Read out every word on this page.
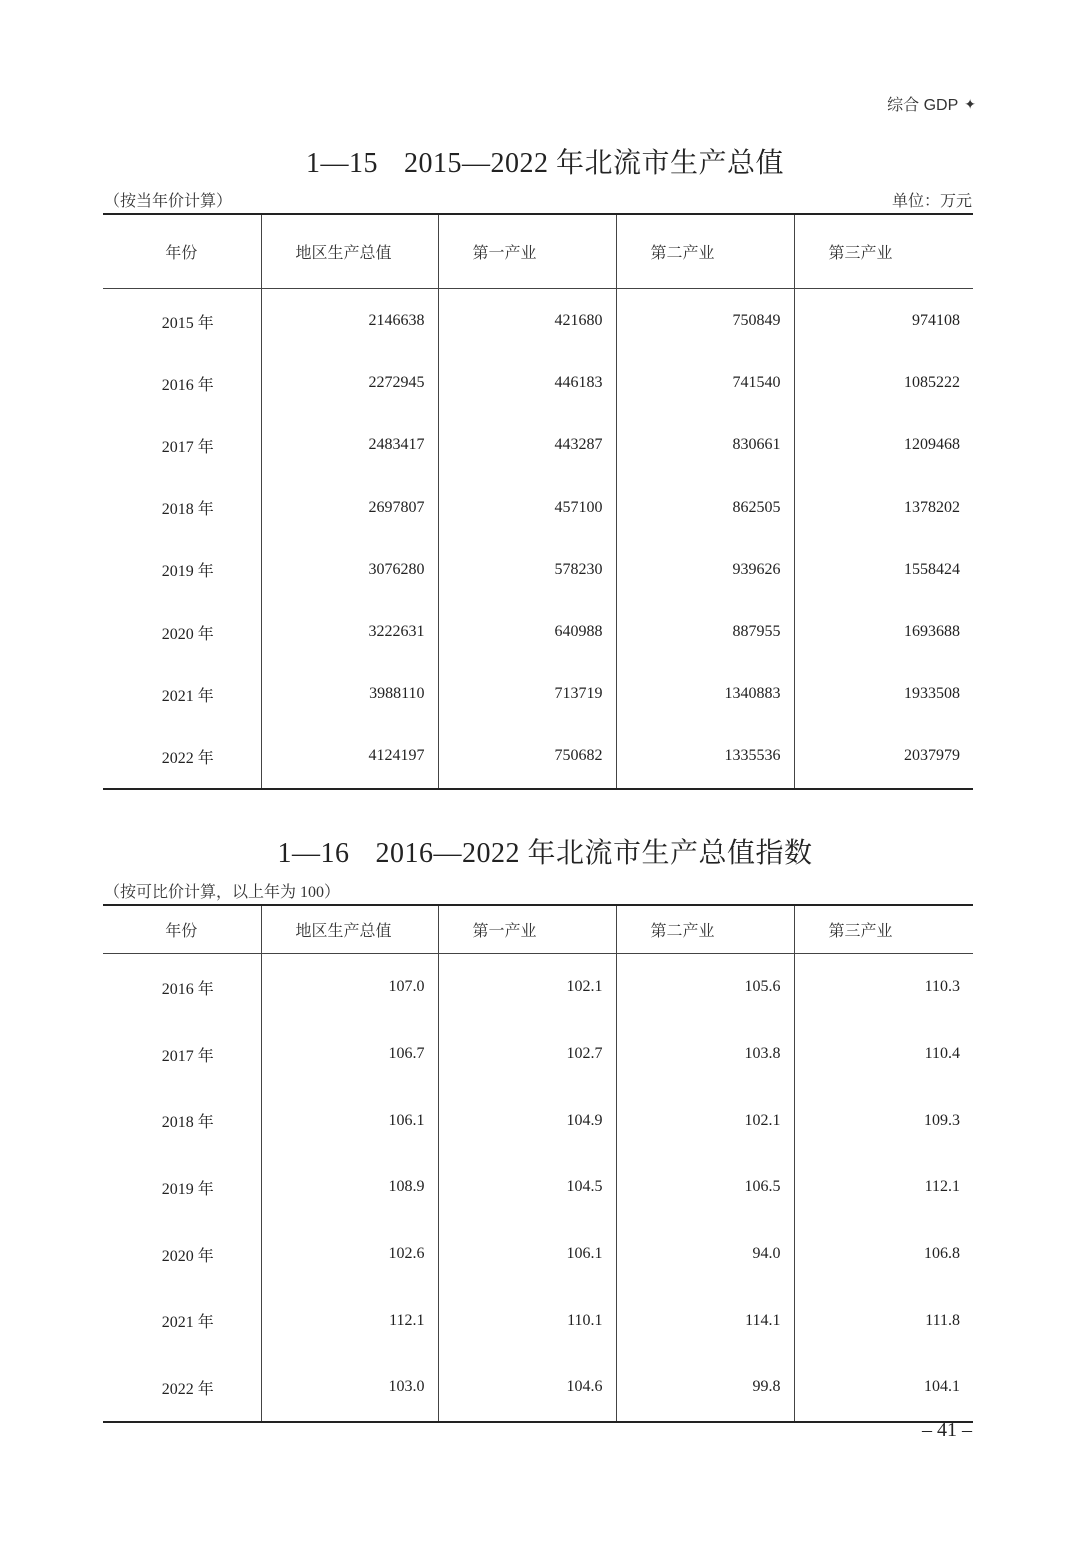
综合 GDP ✦
1—15 2015—2022 年北流市生产总值
（按当年价计算）	单位：万元
年份	地区生产总值	第一产业	第二产业	第三产业
2015 年	2146638	421680	750849	974108
2016 年	2272945	446183	741540	1085222
2017 年	2483417	443287	830661	1209468
2018 年	2697807	457100	862505	1378202
2019 年	3076280	578230	939626	1558424
2020 年	3222631	640988	887955	1693688
2021 年	3988110	713719	1340883	1933508
2022 年	4124197	750682	1335536	2037979
1—16 2016—2022 年北流市生产总值指数
（按可比价计算，以上年为 100）
年份	地区生产总值	第一产业	第二产业	第三产业
2016 年	107.0	102.1	105.6	110.3
2017 年	106.7	102.7	103.8	110.4
2018 年	106.1	104.9	102.1	109.3
2019 年	108.9	104.5	106.5	112.1
2020 年	102.6	106.1	94.0	106.8
2021 年	112.1	110.1	114.1	111.8
2022 年	103.0	104.6	99.8	104.1
– 41 –
